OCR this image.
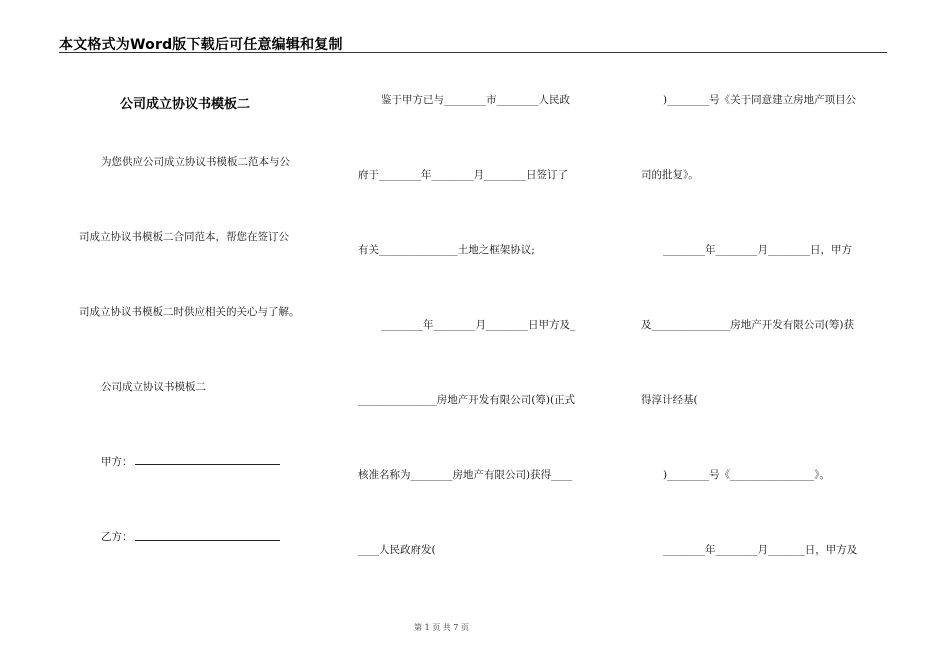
本文格式为Word版下载后可任意编辑和复制
公司成立协议书模板二
为您供应公司成立协议书模板二范本与公
司成立协议书模板二合同范本，帮您在签订公
司成立协议书模板二时供应相关的关心与了解。
公司成立协议书模板二
甲方：
乙方：
鉴于甲方已与________市________人民政
府于________年________月________日签订了
有关_______________土地之框架协议;
________年________月________日甲方及_
_______________房地产开发有限公司(筹)(正式
核准名称为________房地产有限公司)获得____
____人民政府发(
)________号《关于同意建立房地产项目公
司的批复》。
________年________月________日，甲方
及_______________房地产开发有限公司(筹)获
得淳计经基(
)________号《________________》。
________年________月_______日，甲方及
第 1 页 共 7 页
